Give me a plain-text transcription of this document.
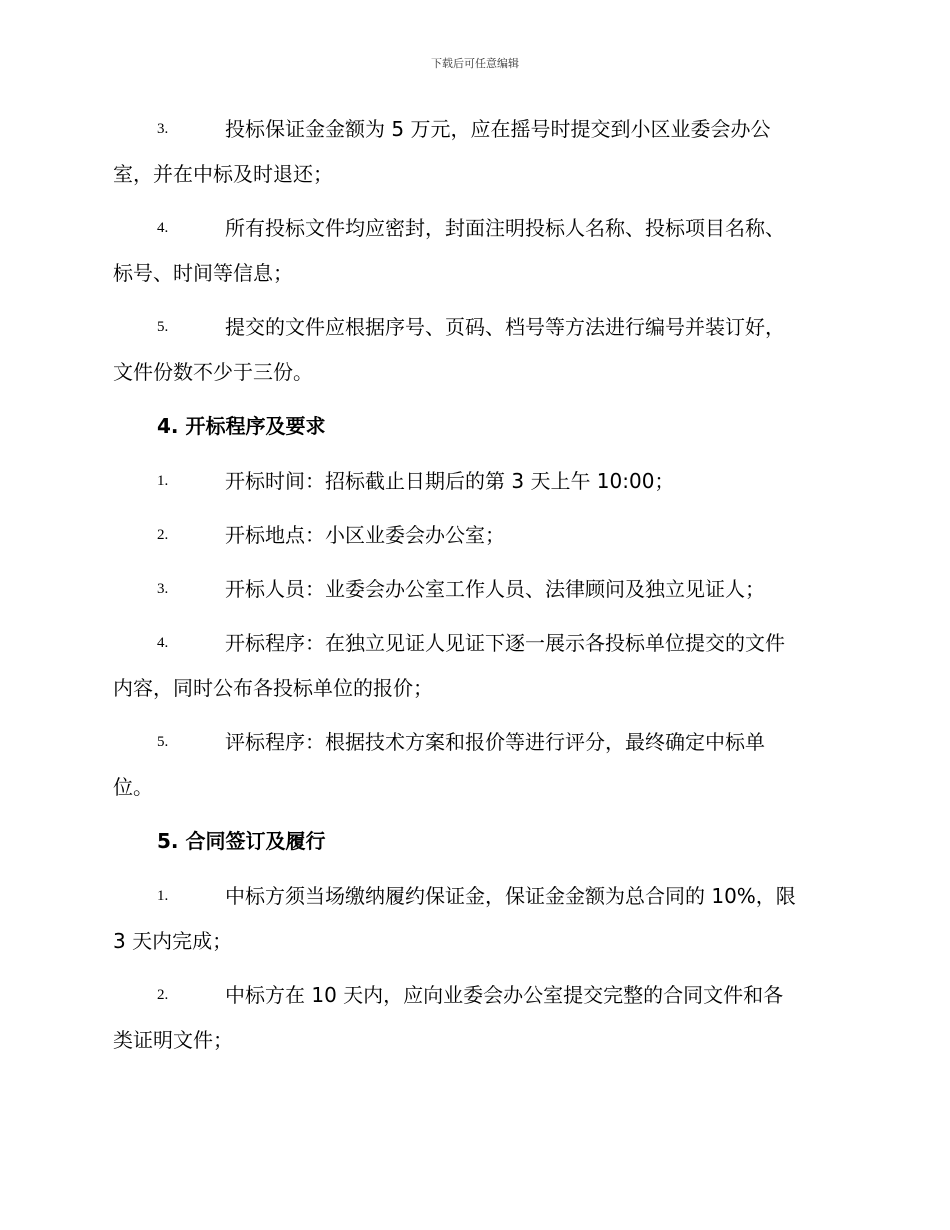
下载后可任意编辑
3.	投标保证金金额为 5 万元，应在摇号时提交到小区业委会办公
室，并在中标及时退还；
4.	所有投标文件均应密封，封面注明投标人名称、投标项目名称、
标号、时间等信息；
5.	提交的文件应根据序号、页码、档号等方法进行编号并装订好，
文件份数不少于三份。
4. 开标程序及要求
1.	开标时间：招标截止日期后的第 3 天上午 10:00；
2.	开标地点：小区业委会办公室；
3.	开标人员：业委会办公室工作人员、法律顾问及独立见证人；
4.	开标程序：在独立见证人见证下逐一展示各投标单位提交的文件
内容，同时公布各投标单位的报价；
5.	评标程序：根据技术方案和报价等进行评分，最终确定中标单
位。
5. 合同签订及履行
1.	中标方须当场缴纳履约保证金，保证金金额为总合同的 10%，限
3 天内完成；
2.	中标方在 10 天内，应向业委会办公室提交完整的合同文件和各
类证明文件；
